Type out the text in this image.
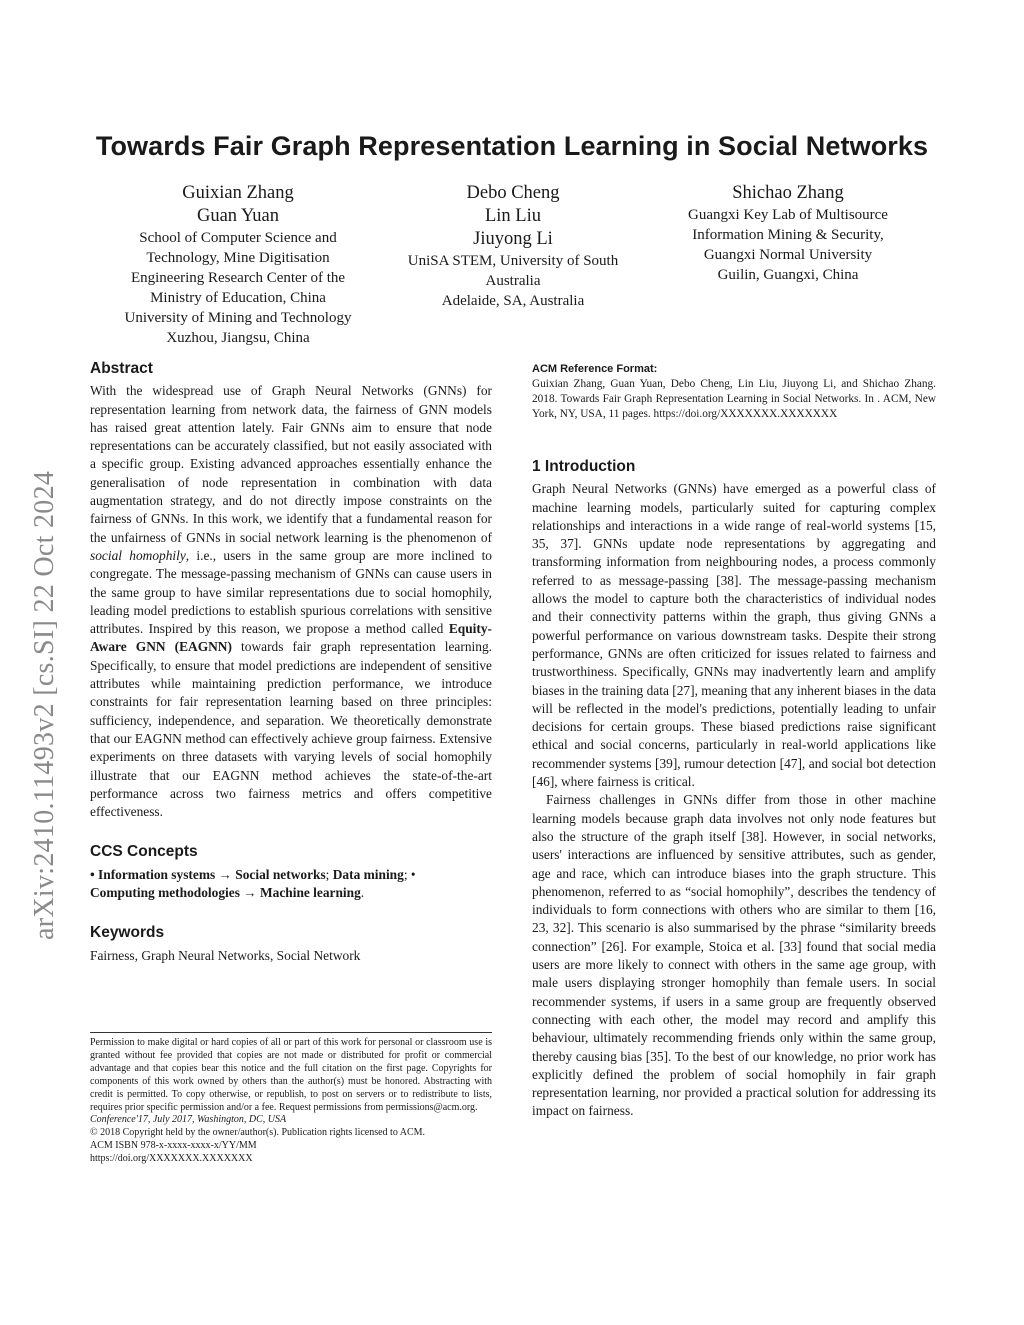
Towards Fair Graph Representation Learning in Social Networks
Guixian Zhang
Guan Yuan
School of Computer Science and
Technology, Mine Digitisation
Engineering Research Center of the
Ministry of Education, China
University of Mining and Technology
Xuzhou, Jiangsu, China
Debo Cheng
Lin Liu
Jiuyong Li
UniSA STEM, University of South
Australia
Adelaide, SA, Australia
Shichao Zhang
Guangxi Key Lab of Multisource
Information Mining & Security,
Guangxi Normal University
Guilin, Guangxi, China
arXiv:2410.11493v2 [cs.SI] 22 Oct 2024
Abstract

With the widespread use of Graph Neural Networks (GNNs) for representation learning from network data, the fairness of GNN models has raised great attention lately. Fair GNNs aim to ensure that node representations can be accurately classified, but not easily associated with a specific group. Existing advanced approaches essentially enhance the generalisation of node representation in combination with data augmentation strategy, and do not directly impose constraints on the fairness of GNNs. In this work, we identify that a fundamental reason for the unfairness of GNNs in social network learning is the phenomenon of social homophily, i.e., users in the same group are more inclined to congregate. The message-passing mechanism of GNNs can cause users in the same group to have similar representations due to social homophily, leading model predictions to establish spurious correlations with sensitive attributes. Inspired by this reason, we propose a method called Equity-Aware GNN (EAGNN) towards fair graph representation learning. Specifically, to ensure that model predictions are independent of sensitive attributes while maintaining prediction performance, we introduce constraints for fair representation learning based on three principles: sufficiency, independence, and separation. We theoretically demonstrate that our EAGNN method can effectively achieve group fairness. Extensive experiments on three datasets with varying levels of social homophily illustrate that our EAGNN method achieves the state-of-the-art performance across two fairness metrics and offers competitive effectiveness.

CCS Concepts

• Information systems → Social networks; Data mining; •
Computing methodologies → Machine learning.

Keywords

Fairness, Graph Neural Networks, Social Network

Permission to make digital or hard copies of all or part of this work for personal or classroom use is granted without fee provided that copies are not made or distributed for profit or commercial advantage and that copies bear this notice and the full citation on the first page. Copyrights for components of this work owned by others than the author(s) must be honored. Abstracting with credit is permitted. To copy otherwise, or republish, to post on servers or to redistribute to lists, requires prior specific permission and/or a fee. Request permissions from permissions@acm.org.

Conference'17, July 2017, Washington, DC, USA

© 2018 Copyright held by the owner/author(s). Publication rights licensed to ACM.

ACM ISBN 978-x-xxxx-xxxx-x/YY/MM

https://doi.org/XXXXXXX.XXXXXXX

ACM Reference Format:

Guixian Zhang, Guan Yuan, Debo Cheng, Lin Liu, Jiuyong Li, and Shichao Zhang. 2018. Towards Fair Graph Representation Learning in Social Networks. In . ACM, New York, NY, USA, 11 pages. https://doi.org/XXXXXXX.XXXXXXX

1 Introduction

Graph Neural Networks (GNNs) have emerged as a powerful class of machine learning models, particularly suited for capturing complex relationships and interactions in a wide range of real-world systems [15, 35, 37]. GNNs update node representations by aggregating and transforming information from neighbouring nodes, a process commonly referred to as message-passing [38]. The message-passing mechanism allows the model to capture both the characteristics of individual nodes and their connectivity patterns within the graph, thus giving GNNs a powerful performance on various downstream tasks. Despite their strong performance, GNNs are often criticized for issues related to fairness and trustworthiness. Specifically, GNNs may inadvertently learn and amplify biases in the training data [27], meaning that any inherent biases in the data will be reflected in the model's predictions, potentially leading to unfair decisions for certain groups. These biased predictions raise significant ethical and social concerns, particularly in real-world applications like recommender systems [39], rumour detection [47], and social bot detection [46], where fairness is critical.

Fairness challenges in GNNs differ from those in other machine learning models because graph data involves not only node features but also the structure of the graph itself [38]. However, in social networks, users' interactions are influenced by sensitive attributes, such as gender, age and race, which can introduce biases into the graph structure. This phenomenon, referred to as “social homophily”, describes the tendency of individuals to form connections with others who are similar to them [16, 23, 32]. This scenario is also summarised by the phrase “similarity breeds connection” [26]. For example, Stoica et al. [33] found that social media users are more likely to connect with others in the same age group, with male users displaying stronger homophily than female users. In social recommender systems, if users in a same group are frequently observed connecting with each other, the model may record and amplify this behaviour, ultimately recommending friends only within the same group, thereby causing bias [35]. To the best of our knowledge, no prior work has explicitly defined the problem of social homophily in fair graph representation learning, nor provided a practical solution for addressing its impact on fairness.
